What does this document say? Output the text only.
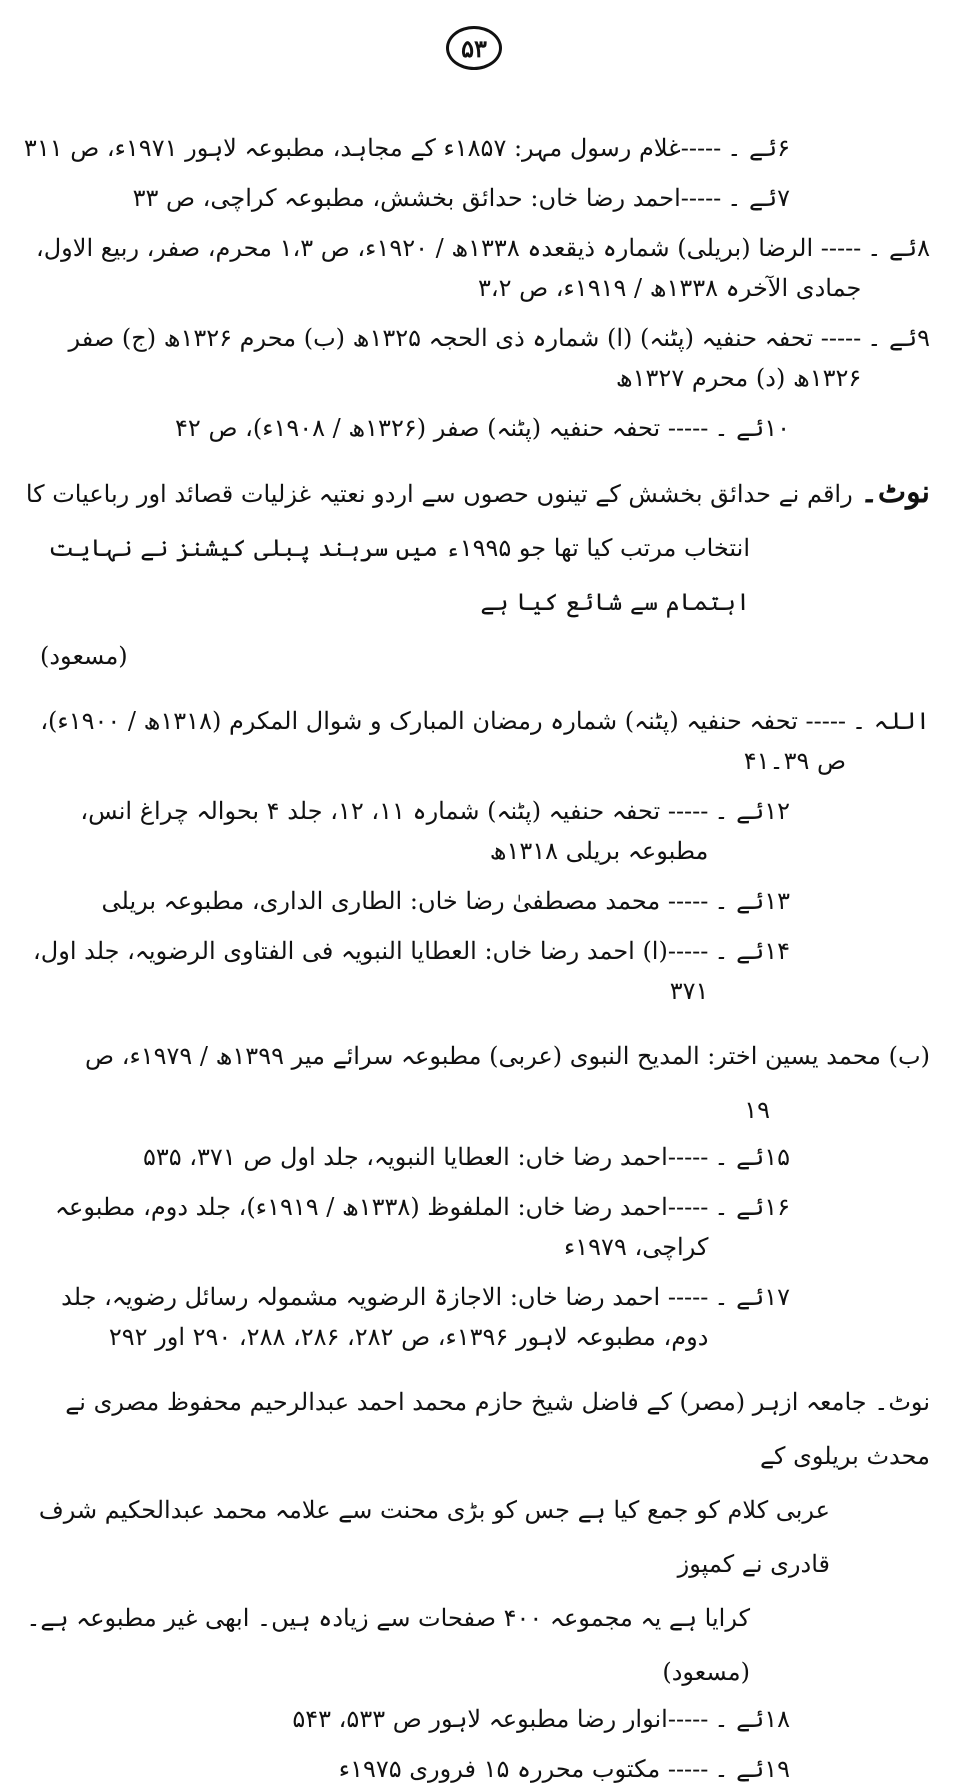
۵۳
۶ئے ۔
-----غلام رسول مہر: ۱۸۵۷ء کے مجاہد، مطبوعہ لاہور ۱۹۷۱ء، ص ۳۱۱
۷ئے ۔
-----احمد رضا خاں: حدائق بخشش، مطبوعہ کراچی، ص ۳۳
۸ئے ۔
----- الرضا (بریلی) شمارہ ذیقعدہ ۱۳۳۸ھ / ۱۹۲۰ء، ص ۱،۳ محرم، صفر، ربیع الاول، جمادی الآخرہ ۱۳۳۸ھ / ۱۹۱۹ء، ص ۳،۲
۹ئے ۔
----- تحفہ حنفیہ (پٹنہ) (ا) شمارہ ذی الحجہ ۱۳۲۵ھ (ب) محرم ۱۳۲۶ھ (ج) صفر ۱۳۲۶ھ (د) محرم ۱۳۲۷ھ
۱۰ئے ۔
----- تحفہ حنفیہ (پٹنہ) صفر (۱۳۲۶ھ / ۱۹۰۸ء)، ص ۴۲

نوٹ۔ راقم نے حدائق بخشش کے تینوں حصوں سے اردو نعتیہ غزلیات قصائد اور رباعیات کا

انتخاب مرتب کیا تھا جو ۱۹۹۵ء میں سرہند پبلی کیشنز نے نہایت اہتمام سے شائع کیا ہے

(مسعود)

اللہ ۔
----- تحفہ حنفیہ (پٹنہ) شمارہ رمضان المبارک و شوال المکرم (۱۳۱۸ھ / ۱۹۰۰ء)، ص ۳۹۔۴۱
۱۲ئے ۔
----- تحفہ حنفیہ (پٹنہ) شمارہ ۱۱، ۱۲، جلد ۴ بحوالہ چراغ انس، مطبوعہ بریلی ۱۳۱۸ھ
۱۳ئے ۔
----- محمد مصطفیٰ رضا خاں: الطاری الداری، مطبوعہ بریلی
۱۴ئے ۔
-----(ا) احمد رضا خاں: العطایا النبویہ فی الفتاوی الرضویہ، جلد اول، ۳۷۱

(ب) محمد یسین اختر: المدیح النبوی (عربی) مطبوعہ سرائے میر ۱۳۹۹ھ / ۱۹۷۹ء، ص

۱۹

۱۵ئے ۔
-----احمد رضا خاں: العطایا النبویہ، جلد اول ص ۳۷۱، ۵۳۵
۱۶ئے ۔
-----احمد رضا خاں: الملفوظ (۱۳۳۸ھ / ۱۹۱۹ء)، جلد دوم، مطبوعہ کراچی، ۱۹۷۹ء
۱۷ئے ۔
----- احمد رضا خاں: الاجازۃ الرضویہ مشمولہ رسائل رضویہ، جلد دوم، مطبوعہ لاہور ۱۳۹۶ء، ص ۲۸۲، ۲۸۶، ۲۸۸، ۲۹۰ اور ۲۹۲

نوٹ۔ جامعہ ازہر (مصر) کے فاضل شیخ حازم محمد احمد عبدالرحیم محفوظ مصری نے محدث بریلوی کے

عربی کلام کو جمع کیا ہے جس کو بڑی محنت سے علامہ محمد عبدالحکیم شرف قادری نے کمپوز

کرایا ہے یہ مجموعہ ۴۰۰ صفحات سے زیادہ ہیں۔ ابھی غیر مطبوعہ ہے۔ (مسعود)

۱۸ئے ۔
-----انوار رضا مطبوعہ لاہور ص ۵۳۳، ۵۴۳
۱۹ئے ۔
----- مکتوب محررہ ۱۵ فروری ۱۹۷۵ء
